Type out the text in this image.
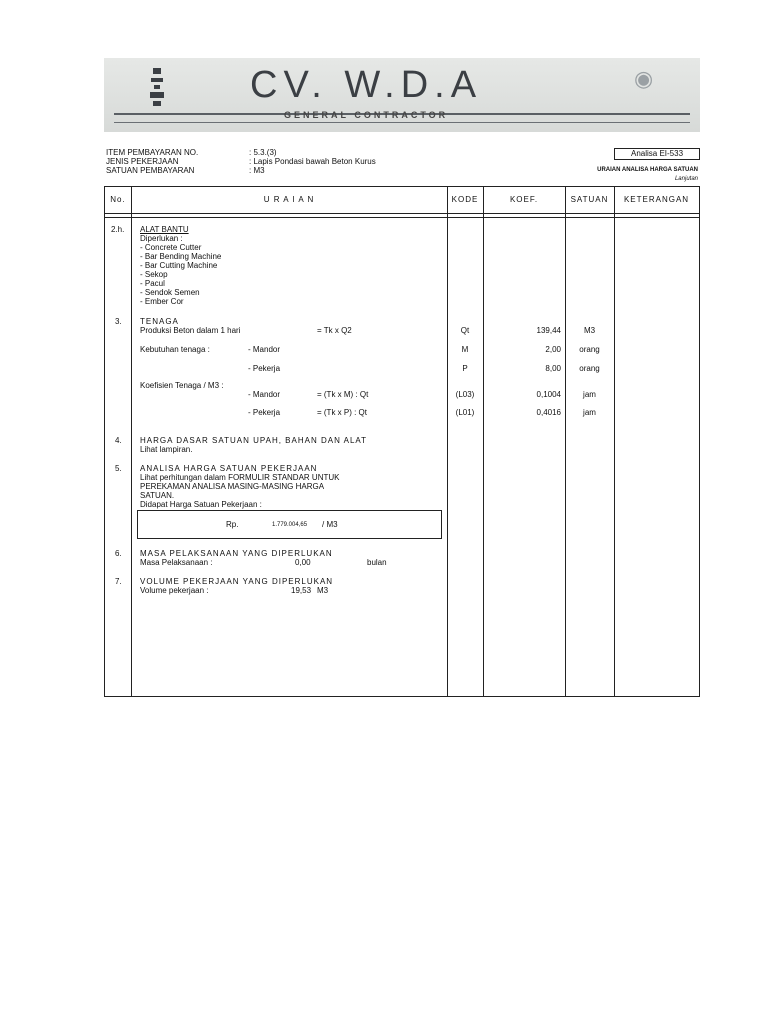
CV. W.D.A
GENERAL CONTRACTOR
◉
ITEM PEMBAYARAN NO.	: 5.3.(3)
JENIS PEKERJAAN	: Lapis Pondasi bawah Beton Kurus
SATUAN PEMBAYARAN	: M3
Analisa EI-533
URAIAN ANALISA HARGA SATUAN
Lanjutan
No.	U R A I A N	KODE	KOEF.	SATUAN	KETERANGAN
2.h. ALAT BANTU
Diperlukan :
- Concrete Cutter
- Bar Bending Machine
- Bar Cutting Machine
- Sekop
- Pacul
- Sendok Semen
- Ember Cor
3. TENAGA
Produksi Beton dalam 1 hari	= Tk x Q2	Qt	139,44	M3
Kebutuhan tenaga :	- Mandor	M	2,00	orang
- Pekerja	P	8,00	orang
Koefisien Tenaga / M3 :
- Mandor	= (Tk x M) : Qt	(L03)	0,1004	jam
- Pekerja	= (Tk x P) : Qt	(L01)	0,4016	jam
4. HARGA DASAR SATUAN UPAH, BAHAN DAN ALAT
Lihat lampiran.
5. ANALISA HARGA SATUAN PEKERJAAN
Lihat perhitungan dalam FORMULIR STANDAR UNTUK
PEREKAMAN ANALISA MASING-MASING HARGA
SATUAN.
Didapat Harga Satuan Pekerjaan :
Rp.	1.779.004,65 / M3
6. MASA PELAKSANAAN YANG DIPERLUKAN
Masa Pelaksanaan :	0,00	bulan
7. VOLUME PEKERJAAN YANG DIPERLUKAN
Volume pekerjaan :	19,53 M3
